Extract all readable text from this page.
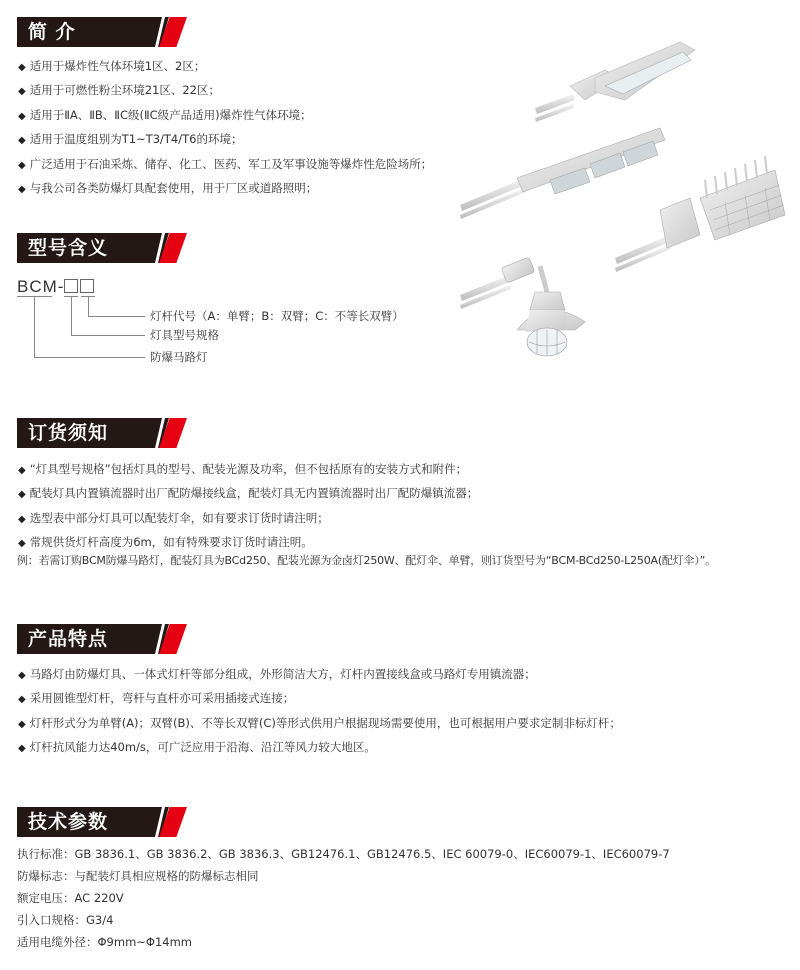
简 介
◆ 适用于爆炸性气体环境1区、2区；
◆ 适用于可燃性粉尘环境21区、22区；
◆ 适用于ⅡA、ⅡB、ⅡC级(ⅡC级产品适用)爆炸性气体环境；
◆ 适用于温度组别为T1~T3/T4/T6的环境；
◆ 广泛适用于石油采炼、储存、化工、医药、军工及军事设施等爆炸性危险场所；
◆ 与我公司各类防爆灯具配套使用，用于厂区或道路照明；
型号含义
BCM-
灯杆代号（A：单臂；B：双臂；C：不等长双臂）
灯具型号规格
防爆马路灯
订货须知
◆ “灯具型号规格”包括灯具的型号、配装光源及功率，但不包括原有的安装方式和附件；
◆ 配装灯具内置镇流器时出厂配防爆接线盒，配装灯具无内置镇流器时出厂配防爆镇流器；
◆ 选型表中部分灯具可以配装灯伞，如有要求订货时请注明；
◆ 常规供货灯杆高度为6m，如有特殊要求订货时请注明。
例：若需订购BCM防爆马路灯，配装灯具为BCd250、配装光源为金卤灯250W、配灯伞、单臂，则订货型号为“BCM-BCd250-L250A(配灯伞）”。
产品特点
◆ 马路灯由防爆灯具、一体式灯杆等部分组成，外形简洁大方，灯杆内置接线盒或马路灯专用镇流器；
◆ 采用圆锥型灯杆，弯杆与直杆亦可采用插接式连接；
◆ 灯杆形式分为单臂(A)；双臂(B)、不等长双臂(C)等形式供用户根据现场需要使用，也可根据用户要求定制非标灯杆；
◆ 灯杆抗风能力达40m/s，可广泛应用于沿海、沿江等风力较大地区。
技术参数
执行标准：GB 3836.1、GB 3836.2、GB 3836.3、GB12476.1、GB12476.5、IEC 60079-0、IEC60079-1、IEC60079-7
防爆标志：与配装灯具相应规格的防爆标志相同
额定电压：AC 220V
引入口规格：G3/4
适用电缆外径：Φ9mm~Φ14mm
